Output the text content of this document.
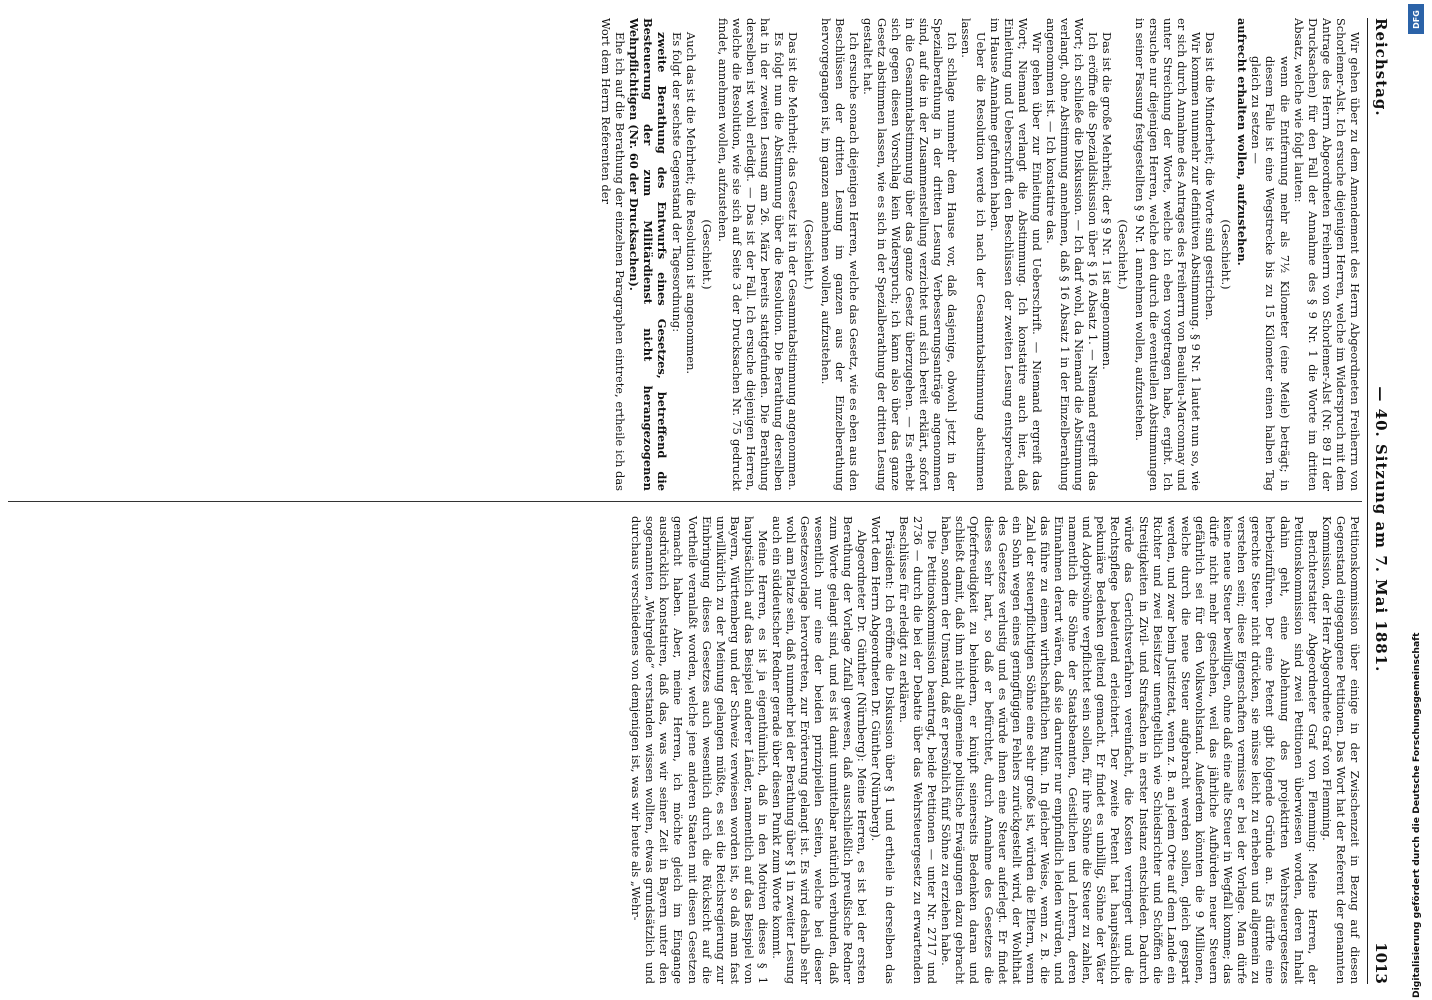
Reichstag.
— 40. Sitzung am 7. Mai 1881.
1013

Wir gehen über zu dem Amendement des Herrn Abgeordneten Freiherrn von Schorlemer-Alst. Ich ersuche diejenigen Herren, welche im Widerspruch mit dem Antrage des Herrn Abgeordneten Freiherrn von Schorlemer-Alst (Nr. 89 II der Drucksachen) für den Fall der Annahme des § 9 Nr. 1 die Worte im dritten Absatz, welche wie folgt lauten:

wenn die Entfernung mehr als 7½ Kilometer (eine Meile) beträgt; in diesem Falle ist eine Wegstrecke bis zu 15 Kilometer einen halben Tag gleich zu setzen —

aufrecht erhalten wollen, aufzustehen.

(Geschieht.)

Das ist die Minderheit; die Worte sind gestrichen.

Wir kommen nunmehr zur definitiven Abstimmung. § 9 Nr. 1 lautet nun so, wie er sich durch Annahme des Antrages des Freiherrn von Beaulieu-Marconnay und unter Streichung der Worte, welche ich eben vorgetragen habe, ergibt. Ich ersuche nur diejenigen Herren, welche den durch die eventuellen Abstimmungen in seiner Fassung festgestellten § 9 Nr. 1 annehmen wollen, aufzustehen.

(Geschieht.)

Das ist die große Mehrheit; der § 9 Nr. 1 ist angenommen.

Ich eröffne die Spezialdiskussion über § 16 Absatz 1. — Niemand ergreift das Wort; ich schließe die Diskussion. — Ich darf wohl, da Niemand die Abstimmung verlangt, ohne Abstimmung annehmen, daß § 16 Absatz 1 in der Einzelberathung angenommen ist. — Ich konstatire das.

Wir gehen über zur Einleitung und Ueberschrift. — Niemand ergreift das Wort; Niemand verlangt die Abstimmung. Ich konstatire auch hier, daß Einleitung und Ueberschrift den Beschlüssen der zweiten Lesung entsprechend im Hause Annahme gefunden haben.

Ueber die Resolution werde ich nach der Gesammtabstimmung abstimmen lassen.

Ich schlage nunmehr dem Hause vor, daß dasjenige, obwohl jetzt in der Spezialberathung in der dritten Lesung Verbesserungsanträge angenommen sind, auf die in der Zusammenstellung verzichtet und sich bereit erklärt, sofort in die Gesammtabstimmung über das ganze Gesetz überzugehen. — Es erhebt sich gegen diesen Vorschlag kein Widerspruch; ich kann also über das ganze Gesetz abstimmen lassen, wie es sich in der Spezialberathung der dritten Lesung gestaltet hat.

Ich ersuche sonach diejenigen Herren, welche das Gesetz, wie es eben aus den Beschlüssen der dritten Lesung im ganzen aus der Einzelberathung hervorgegangen ist, im ganzen annehmen wollen, aufzustehen.

(Geschieht.)

Das ist die Mehrheit; das Gesetz ist in der Gesammtabstimmung angenommen.

Es folgt nun die Abstimmung über die Resolution. Die Berathung derselben hat in der zweiten Lesung am 26. März bereits stattgefunden. Die Berathung derselben ist wohl erledigt. — Das ist der Fall. Ich ersuche diejenigen Herren, welche die Resolution, wie sie sich auf Seite 3 der Drucksachen Nr. 75 gedruckt findet, annehmen wollen, aufzustehen.

(Geschieht.)

Auch das ist die Mehrheit; die Resolution ist angenommen.

Es folgt der sechste Gegenstand der Tagesordnung:

zweite Berathung des Entwurfs eines Gesetzes, betreffend die Besteuerung der zum Militärdienst nicht herangezogenen Wehrpflichtigen (Nr. 60 der Drucksachen).

Ehe ich auf die Berathung der einzelnen Paragraphen eintrete, ertheile ich das Wort dem Herrn Referenten der

Petitionskommission über einige in der Zwischenzeit in Bezug auf diesen Gegenstand eingegangene Petitionen. Das Wort hat der Referent der genannten Kommission, der Herr Abgeordnete Graf von Flemming.

Berichterstatter Abgeordneter Graf von Flemming: Meine Herren, der Petitionskommission sind zwei Petitionen überwiesen worden, deren Inhalt dahin geht, eine Ablehnung des projektirten Wehrsteuergesetzes herbeizuführen. Der eine Petent gibt folgende Gründe an. Es dürfte eine gerechte Steuer nicht drücken, sie müsse leicht zu erheben und allgemein zu verstehen sein; diese Eigenschaften vermisse er bei der Vorlage. Man dürfe keine neue Steuer bewilligen, ohne daß eine alte Steuer in Wegfall komme; das dürfe nicht mehr geschehen, weil das jährliche Aufbürden neuer Steuern gefährlich sei für den Volkswohlstand. Außerdem könnten die 9 Millionen, welche durch die neue Steuer aufgebracht werden sollen, gleich gespart werden, und zwar beim Justizetat, wenn z. B. an jedem Orte auf dem Lande ein Richter und zwei Beisitzer unentgeltlich wie Schiedsrichter und Schöffen die Streitigkeiten in Zivil- und Strafsachen in erster Instanz entschieden. Dadurch würde das Gerichtsverfahren vereinfacht, die Kosten verringert und die Rechtspflege bedeutend erleichtert. Der zweite Petent hat hauptsächlich pekuniäre Bedenken geltend gemacht. Er findet es unbillig, Söhne der Väter und Adoptivsöhne verpflichtet sein sollen, für ihre Söhne die Steuer zu zahlen, namentlich die Söhne der Staatsbeamten, Geistlichen und Lehrern, deren Einnahmen derart wären, daß sie darunter nur empfindlich leiden würden, und das führe zu einem wirthschaftlichen Ruin. In gleicher Weise, wenn z. B. die Zahl der steuerpflichtigen Söhne eine sehr große ist, würden die Eltern, wenn ein Sohn wegen eines geringfügigen Fehlers zurückgestellt wird, der Wohlthat des Gesetzes verlustig und es würde ihnen eine Steuer auferlegt. Er findet dieses sehr hart, so daß er befürchtet, durch Annahme des Gesetzes die Opferfreudigkeit zu behindern, er knüpft seinerseits Bedenken daran und schließt damit, daß ihm nicht allgemeine politische Erwägungen dazu gebracht haben, sondern der Umstand, daß er persönlich fünf Söhne zu erziehen habe.

Die Petitionskommission beantragt, beide Petitionen — unter Nr. 2717 und 2736 — durch die bei der Debatte über das Wehrsteuergesetz zu erwartenden Beschlüsse für erledigt zu erklären.

Präsident: Ich eröffne die Diskussion über § 1 und ertheile in derselben das Wort dem Herrn Abgeordneten Dr. Günther (Nürnberg).

Abgeordneter Dr. Günther (Nürnberg): Meine Herren, es ist bei der ersten Berathung der Vorlage Zufall gewesen, daß ausschließlich preußische Redner zum Worte gelangt sind, und es ist damit unmittelbar natürlich verbunden, daß wesentlich nur eine der beiden prinzipiellen Seiten, welche bei dieser Gesetzesvorlage hervortreten, zur Erörterung gelangt ist. Es wird deshalb sehr wohl am Platze sein, daß nunmehr bei der Berathung über § 1 in zweiter Lesung auch ein süddeutscher Redner gerade über diesen Punkt zum Worte kommt.

Meine Herren, es ist ja eigenthümlich, daß in den Motiven dieses § 1 hauptsächlich auf das Beispiel anderer Länder, namentlich auf das Beispiel von Bayern, Württemberg und der Schweiz verwiesen worden ist, so daß man fast unwillkürlich zu der Meinung gelangen müßte, es sei die Reichsregierung zur Einbringung dieses Gesetzes auch wesentlich durch die Rücksicht auf die Vortheile veranlaßt worden, welche jene anderen Staaten mit diesen Gesetzen gemacht haben. Aber, meine Herren, ich möchte gleich im Eingange ausdrücklich konstatiren, daß das, was wir seiner Zeit in Bayern unter den sogenannten „Wehrgelde“ verstanden wissen wollten, etwas grundsätzlich und durchaus verschiedenes von demjenigen ist, was wir heute als „Wehr-

DFG
Digitalisierung gefördert durch die Deutsche Forschungsgemeinschaft
